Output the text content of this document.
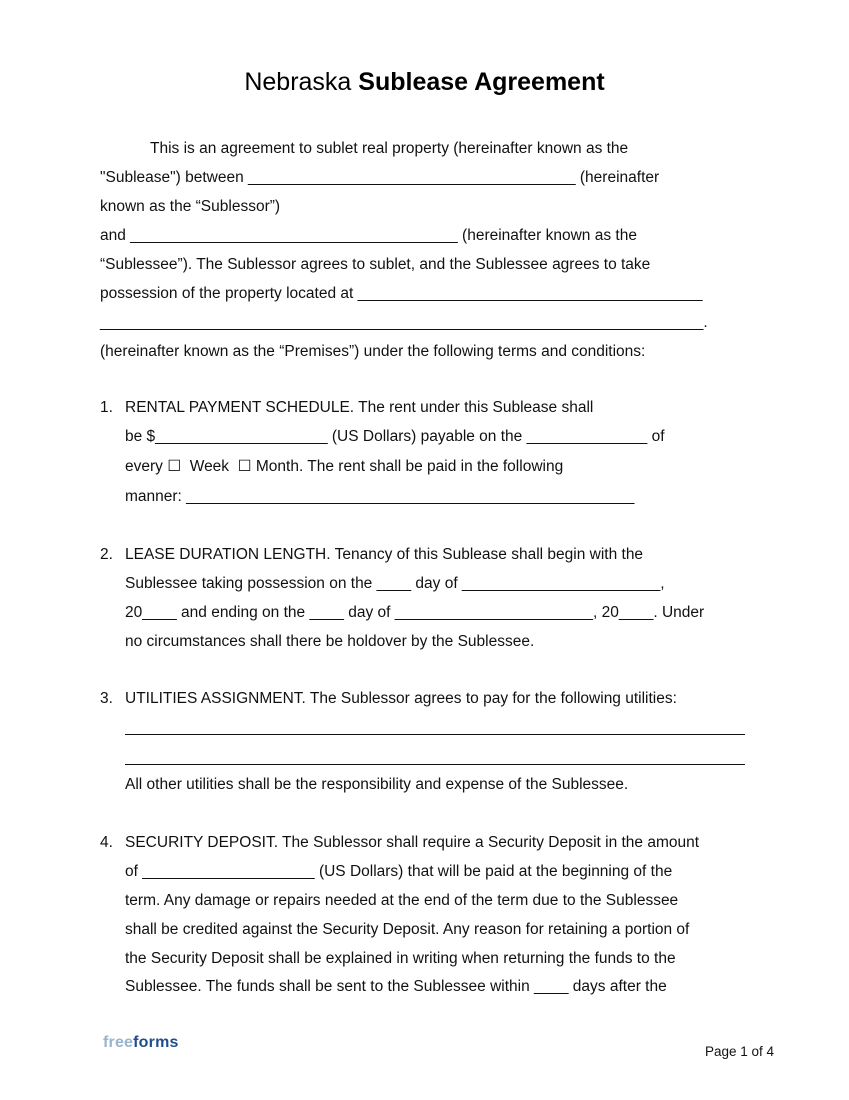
Nebraska Sublease Agreement
This is an agreement to sublet real property (hereinafter known as the
"Sublease") between ______________________________________ (hereinafter
known as the “Sublessor”)
and ______________________________________ (hereinafter known as the
“Sublessee”). The Sublessor agrees to sublet, and the Sublessee agrees to take
possession of the property located at ________________________________________
______________________________________________________________________.
(hereinafter known as the “Premises”) under the following terms and conditions:
1. RENTAL PAYMENT SCHEDULE. The rent under this Sublease shall
be $____________________ (US Dollars) payable on the ______________ of
every ☐  Week  ☐ Month. The rent shall be paid in the following
manner: ____________________________________________________
2. LEASE DURATION LENGTH. Tenancy of this Sublease shall begin with the
Sublessee taking possession on the ____ day of _______________________,
20____ and ending on the ____ day of _______________________, 20____. Under
no circumstances shall there be holdover by the Sublessee.
3. UTILITIES ASSIGNMENT. The Sublessor agrees to pay for the following utilities:
All other utilities shall be the responsibility and expense of the Sublessee.
4. SECURITY DEPOSIT. The Sublessor shall require a Security Deposit in the amount
of ____________________ (US Dollars) that will be paid at the beginning of the
term. Any damage or repairs needed at the end of the term due to the Sublessee
shall be credited against the Security Deposit. Any reason for retaining a portion of
the Security Deposit shall be explained in writing when returning the funds to the
Sublessee. The funds shall be sent to the Sublessee within ____ days after the
freeforms
Page 1 of 4
